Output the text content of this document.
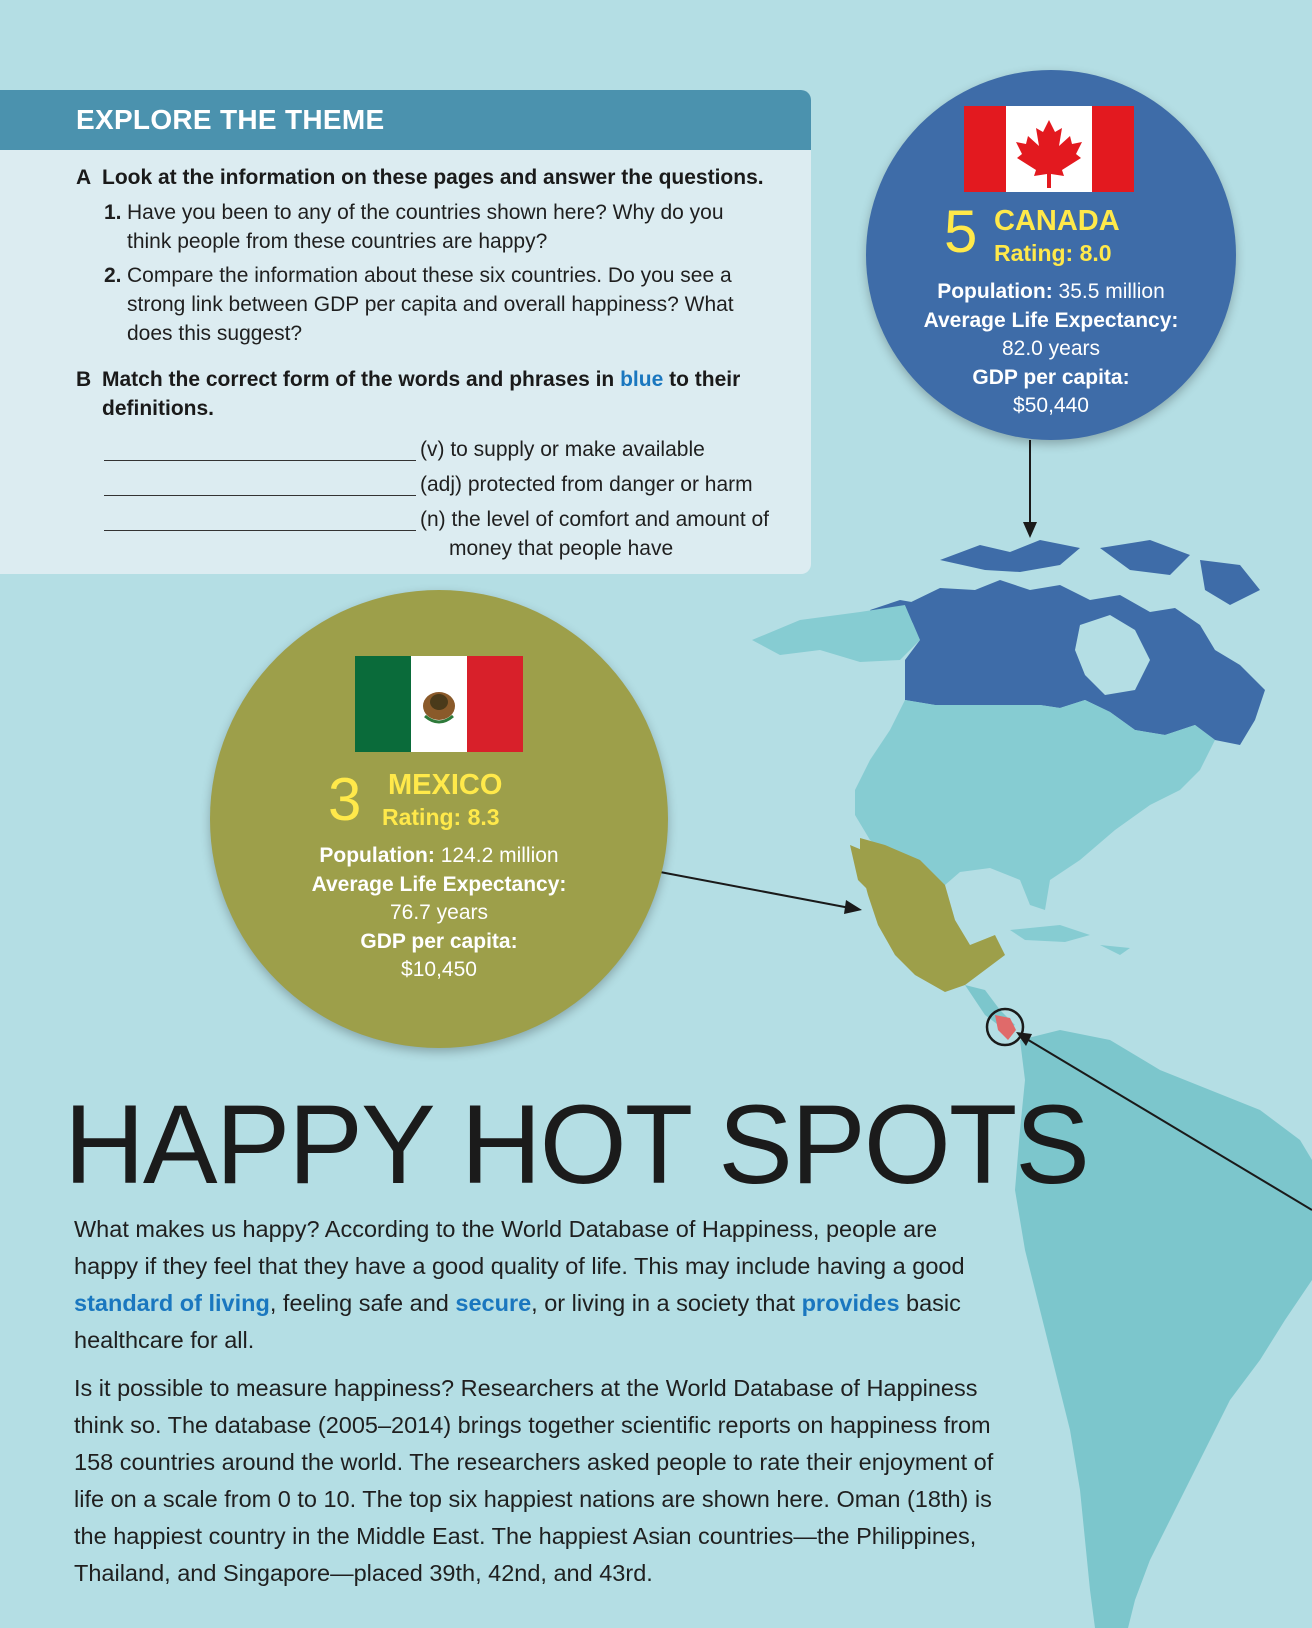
EXPLORE THE THEME
A Look at the information on these pages and answer the questions.
1. Have you been to any of the countries shown here? Why do you think people from these countries are happy?
2. Compare the information about these six countries. Do you see a strong link between GDP per capita and overall happiness? What does this suggest?
B Match the correct form of the words and phrases in blue to their definitions.
(v) to supply or make available
(adj) protected from danger or harm
(n) the level of comfort and amount of money that people have
5 CANADA
Rating: 8.0
Population: 35.5 million
Average Life Expectancy:
82.0 years
GDP per capita:
$50,440
3 MEXICO
Rating: 8.3
Population: 124.2 million
Average Life Expectancy:
76.7 years
GDP per capita:
$10,450
HAPPY HOT SPOTS
What makes us happy? According to the World Database of Happiness, people are happy if they feel that they have a good quality of life. This may include having a good standard of living, feeling safe and secure, or living in a society that provides basic healthcare for all.
Is it possible to measure happiness? Researchers at the World Database of Happiness think so. The database (2005–2014) brings together scientific reports on happiness from 158 countries around the world. The researchers asked people to rate their enjoyment of life on a scale from 0 to 10. The top six happiest nations are shown here. Oman (18th) is the happiest country in the Middle East. The happiest Asian countries—the Philippines, Thailand, and Singapore—placed 39th, 42nd, and 43rd.
